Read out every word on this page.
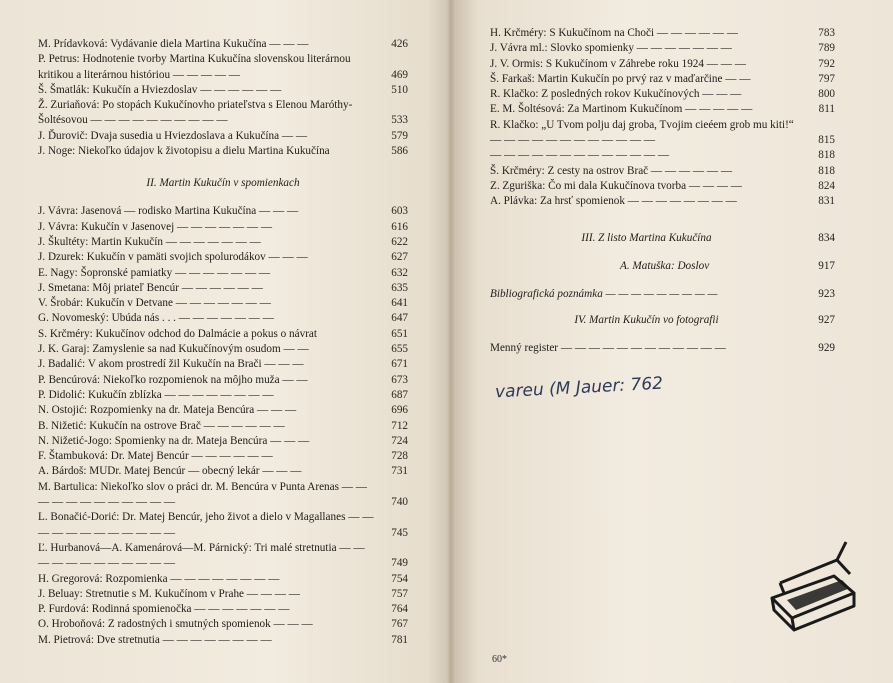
M. Prídavková: Vydávanie diela Martina Kukučína — — —	426
P. Petrus: Hodnotenie tvorby Martina Kukučína slovenskou literárnou kritikou a literárnou históriou — — — — —	469
Š. Šmatlák: Kukučín a Hviezdoslav — — — — — —	510
Ž. Zuriaňová: Po stopách Kukučínovho priateľstva s Elenou Maróthy-Šoltésovou — — — — — — — — — —	533
J. Ďurovič: Dvaja susedia u Hviezdoslava a Kukučína — —	579
J. Noge: Niekoľko údajov k životopisu a dielu Martina Kukučína	586
II. Martin Kukučín v spomienkach
J. Vávra: Jasenová — rodisko Martina Kukučína — — —	603
J. Vávra: Kukučín v Jasenovej — — — — — — —	616
J. Škultéty: Martin Kukučín — — — — — — —	622
J. Dzurek: Kukučín v pamäti svojich spolurodákov — — —	627
E. Nagy: Šopronské pamiatky — — — — — — —	632
J. Smetana: Môj priateľ Bencúr — — — — — —	635
V. Šrobár: Kukučín v Detvane — — — — — — —	641
G. Novomeský: Ubúda nás . . . — — — — — — —	647
S. Krčméry: Kukučínov odchod do Dalmácie a pokus o návrat	651
J. K. Garaj: Zamyslenie sa nad Kukučínovým osudom — —	655
J. Badalić: V akom prostredí žil Kukučín na Brači — — —	671
P. Bencúrová: Niekoľko rozpomienok na môjho muža — —	673
P. Didolić: Kukučín zblízka — — — — — — — —	687
N. Ostojić: Rozpomienky na dr. Mateja Bencúra — — —	696
B. Nižetić: Kukučín na ostrove Brač — — — — — —	712
N. Nižetić-Jogo: Spomienky na dr. Mateja Bencúra — — —	724
F. Štambuková: Dr. Matej Bencúr — — — — — —	728
A. Bárdoš: MUDr. Matej Bencúr — obecný lekár — — —	731
M. Bartulica: Niekoľko slov o práci dr. M. Bencúra v Punta Arenas — — — — — — — — — — — —	740
L. Bonačić-Dorić: Dr. Matej Bencúr, jeho život a dielo v Magallanes — — — — — — — — — — — —	745
Ľ. Hurbanová—A. Kamenárová—M. Párnický: Tri malé stretnutia — — — — — — — — — — — —	749
H. Gregorová: Rozpomienka — — — — — — — —	754
J. Beluay: Stretnutie s M. Kukučínom v Prahe — — — —	757
P. Furdová: Rodinná spomienočka — — — — — — —	764
O. Hroboňová: Z radostných i smutných spomienok — — —	767
M. Pietrová: Dve stretnutia — — — — — — — —	781
H. Krčméry: S Kukučínom na Choči — — — — — —	783
J. Vávra ml.: Slovko spomienky — — — — — — —	789
J. V. Ormis: S Kukučínom v Záhrebe roku 1924 — — —	792
Š. Farkaš: Martin Kukučín po prvý raz v maďarčine — —	797
R. Klačko: Z posledných rokov Kukučínových — — —	800
E. M. Šoltésová: Za Martinom Kukučínom — — — — —	811
R. Klačko: „U Tvom polju daj groba, Tvojim cieéem grob mu kiti!“ — — — — — — — — — — — —	815
— — — — — — — — — — — — —	818
Š. Krčméry: Z cesty na ostrov Brač — — — — — —	818
Z. Zguriška: Čo mi dala Kukučínova tvorba — — — —	824
A. Plávka: Za hrsť spomienok — — — — — — — —	831
III. Z listo Martina Kukučína	834
A. Matuška: Doslov	917
Bibliografická poznámka — — — — — — — — —	923
IV. Martin Kukučín vo fotografii	927
Menný register — — — — — — — — — — — —	929
vareu (M Jauer: 762
60*
